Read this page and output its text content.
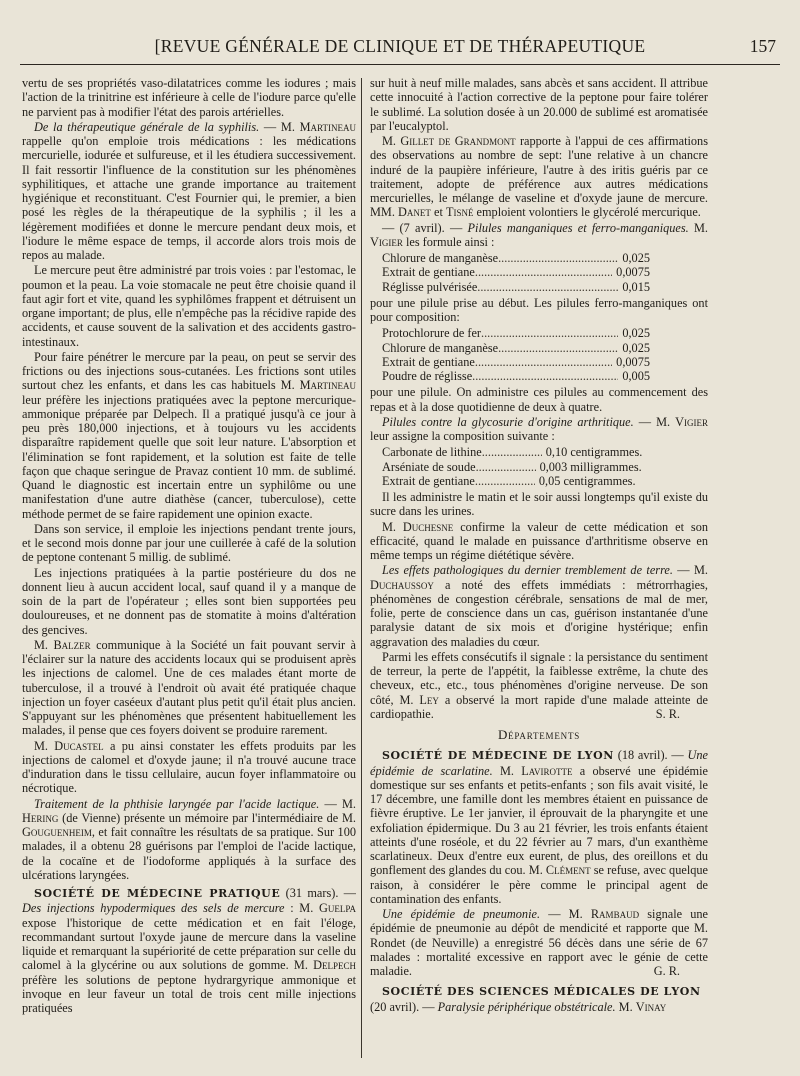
[REVUE GÉNÉRALE DE CLINIQUE ET DE THÉRAPEUTIQUE	157

vertu de ses propriétés vaso-dilatatrices comme les iodures ; mais l'action de la trinitrine est inférieure à celle de l'iodure parce qu'elle ne parvient pas à modifier l'état des parois artérielles.

De la thérapeutique générale de la syphilis. — M. Martineau rappelle qu'on emploie trois médications : les médications mercurielle, iodurée et sulfureuse, et il les étudiera successivement. Il fait ressortir l'influence de la constitution sur les phénomènes syphilitiques, et attache une grande importance au traitement hygiénique et reconstituant. C'est Fournier qui, le premier, a bien posé les règles de la thérapeutique de la syphilis ; il les a légèrement modifiées et donne le mercure pendant deux mois, et l'iodure le même espace de temps, il accorde alors trois mois de repos au malade.

Le mercure peut être administré par trois voies : par l'estomac, le poumon et la peau. La voie stomacale ne peut être choisie quand il faut agir fort et vite, quand les syphilômes frappent et détruisent un organe important; de plus, elle n'empêche pas la récidive rapide des accidents, et cause souvent de la salivation et des accidents gastro-intestinaux.

Pour faire pénétrer le mercure par la peau, on peut se servir des frictions ou des injections sous-cutanées. Les frictions sont utiles surtout chez les enfants, et dans les cas habituels M. Martineau leur préfère les injections pratiquées avec la peptone mercurique-ammonique préparée par Delpech. Il a pratiqué jusqu'à ce jour à peu près 180,000 injections, et à toujours vu les accidents disparaître rapidement quelle que soit leur nature. L'absorption et l'élimination se font rapidement, et la solution est faite de telle façon que chaque seringue de Pravaz contient 10 mm. de sublimé. Quand le diagnostic est incertain entre un syphilôme ou une manifestation d'une autre diathèse (cancer, tuberculose), cette méthode permet de se faire rapidement une opinion exacte.

Dans son service, il emploie les injections pendant trente jours, et le second mois donne par jour une cuillerée à café de la solution de peptone contenant 5 millig. de sublimé.

Les injections pratiquées à la partie postérieure du dos ne donnent lieu à aucun accident local, sauf quand il y a manque de soin de la part de l'opérateur ; elles sont bien supportées peu douloureuses, et ne donnent pas de stomatite à moins d'altération des gencives.

M. Balzer communique à la Société un fait pouvant servir à l'éclairer sur la nature des accidents locaux qui se produisent après les injections de calomel. Une de ces malades étant morte de tuberculose, il a trouvé à l'endroit où avait été pratiquée chaque injection un foyer caséeux d'autant plus petit qu'il était plus ancien. S'appuyant sur les phénomènes que présentent habituellement les malades, il pense que ces foyers doivent se produire rarement.

M. Ducastel a pu ainsi constater les effets produits par les injections de calomel et d'oxyde jaune; il n'a trouvé aucune trace d'induration dans le tissu cellulaire, aucun foyer inflammatoire ou nécrotique.

Traitement de la phthisie laryngée par l'acide lactique. — M. Hering (de Vienne) présente un mémoire par l'intermédiaire de M. Gouguenheim, et fait connaître les résultats de sa pratique. Sur 100 malades, il a obtenu 28 guérisons par l'emploi de l'acide lactique, de la cocaïne et de l'iodoforme appliqués à la surface des ulcérations laryngées.

SOCIÉTÉ DE MÉDECINE PRATIQUE (31 mars). — Des injections hypodermiques des sels de mercure : M. Guelpa expose l'historique de cette médication et en fait l'éloge, recommandant surtout l'oxyde jaune de mercure dans la vaseline liquide et remarquant la supériorité de cette préparation sur celle du calomel à la glycérine ou aux solutions de gomme. M. Delpech préfère les solutions de peptone hydrargyrique ammonique et invoque en leur faveur un total de trois cent mille injections pratiquées

sur huit à neuf mille malades, sans abcès et sans accident. Il attribue cette innocuité à l'action corrective de la peptone pour faire tolérer le sublimé. La solution dosée à un 20.000 de sublimé est aromatisée par l'eucalyptol.

M. Gillet de Grandmont rapporte à l'appui de ces affirmations des observations au nombre de sept: l'une relative à un chancre induré de la paupière inférieure, l'autre à des iritis guéris par ce traitement, adopte de préférence aux autres médications mercurielles, le mélange de vaseline et d'oxyde jaune de mercure. MM. Danet et Tisné emploient volontiers le glycérolé mercurique.

— (7 avril). — Pilules manganiques et ferro-manganiques. M. Vigier les formule ainsi :

Chlorure de manganèse .....	0,025
Extrait de gentiane .....	0,0075
Réglisse pulvérisée .....	0,015

pour une pilule prise au début. Les pilules ferro-manganiques ont pour composition:

Protochlorure de fer .....	0,025
Chlorure de manganèse .....	0,025
Extrait de gentiane .....	0,0075
Poudre de réglisse .....	0,005

pour une pilule. On administre ces pilules au commencement des repas et à la dose quotidienne de deux à quatre.

Pilules contre la glycosurie d'origine arthritique. — M. Vigier leur assigne la composition suivante :

Carbonate de lithine .....	0,10 centigrammes.
Arséniate de soude .....	0,003 milligrammes.
Extrait de gentiane .....	0,05 centigrammes.

Il les administre le matin et le soir aussi longtemps qu'il existe du sucre dans les urines.

M. Duchesne confirme la valeur de cette médication et son efficacité, quand le malade en puissance d'arthritisme observe en même temps un régime diététique sévère.

Les effets pathologiques du dernier tremblement de terre. — M. Duchaussoy a noté des effets immédiats : métrorrhagies, phénomènes de congestion cérébrale, sensations de mal de mer, folie, perte de conscience dans un cas, guérison instantanée d'une paralysie datant de six mois et d'origine hystérique; enfin aggravation des maladies du cœur.

Parmi les effets consécutifs il signale : la persistance du sentiment de terreur, la perte de l'appétit, la faiblesse extrême, la chute des cheveux, etc., etc., tous phénomènes d'origine nerveuse. De son côté, M. Ley a observé la mort rapide d'une malade atteinte de cardiopathie.	S. R.

Départements

SOCIÉTÉ DE MÉDECINE DE LYON (18 avril). — Une épidémie de scarlatine. M. Lavirotte a observé une épidémie domestique sur ses enfants et petits-enfants ; son fils avait visité, le 17 décembre, une famille dont les membres étaient en puissance de fièvre éruptive. Le 1er janvier, il éprouvait de la pharyngite et une exfoliation épidermique. Du 3 au 21 février, les trois enfants étaient atteints d'une roséole, et du 22 février au 7 mars, d'un exanthème scarlatineux. Deux d'entre eux eurent, de plus, des oreillons et du gonflement des glandes du cou. M. Clément se refuse, avec quelque raison, à considérer le père comme le principal agent de contamination des enfants.

Une épidémie de pneumonie. — M. Rambaud signale une épidémie de pneumonie au dépôt de mendicité et rapporte que M. Rondet (de Neuville) a enregistré 56 décès dans une série de 67 malades : mortalité excessive en rapport avec le génie de cette maladie.	G. R.

SOCIÉTÉ DES SCIENCES MÉDICALES DE LYON
(20 avril). — Paralysie périphérique obstétricale. M. Vinay
